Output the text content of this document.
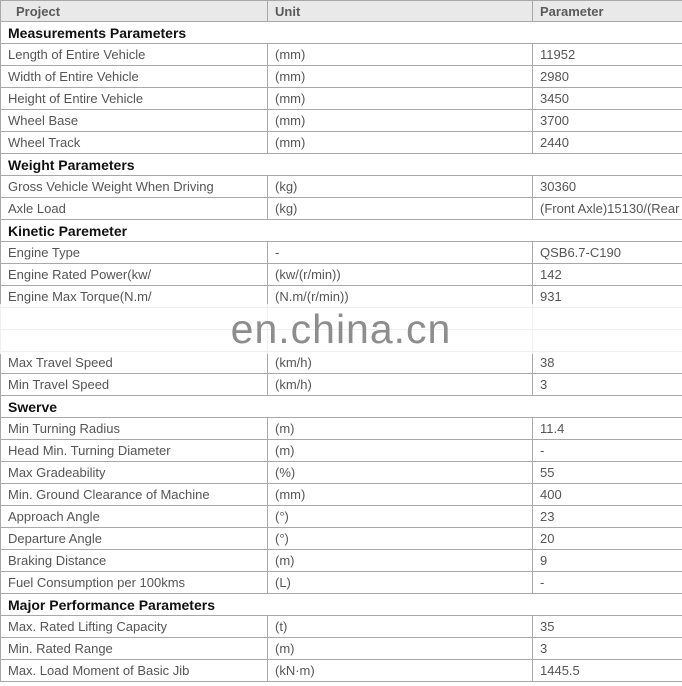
Project	Unit	Parameter
Measurements Parameters		
Length of Entire Vehicle	(mm)	11952
Width of Entire Vehicle	(mm)	2980
Height of Entire Vehicle	(mm)	3450
Wheel Base	(mm)	3700
Wheel Track	(mm)	2440
Weight Parameters		
Gross Vehicle Weight When Driving	(kg)	30360
Axle Load	(kg)	(Front Axle)15130/(Rear
Kinetic Paremeter		
Engine Type	-	QSB6.7-C190
Engine Rated Power(kw/	(kw/(r/min))	142
Engine Max Torque(N.m/	(N.m/(r/min))	931

Max Travel Speed	(km/h)	38
Min Travel Speed	(km/h)	3
Swerve		
Min Turning Radius	(m)	11.4
Head Min. Turning Diameter	(m)	-
Max Gradeability	(%)	55
Min. Ground Clearance of Machine	(mm)	400
Approach Angle	(°)	23
Departure Angle	(°)	20
Braking Distance	(m)	9
Fuel Consumption per 100kms	(L)	-
Major Performance Parameters		
Max. Rated Lifting Capacity	(t)	35
Min. Rated Range	(m)	3
Max. Load Moment of Basic Jib	(kN·m)	1445.5
en.china.cn
